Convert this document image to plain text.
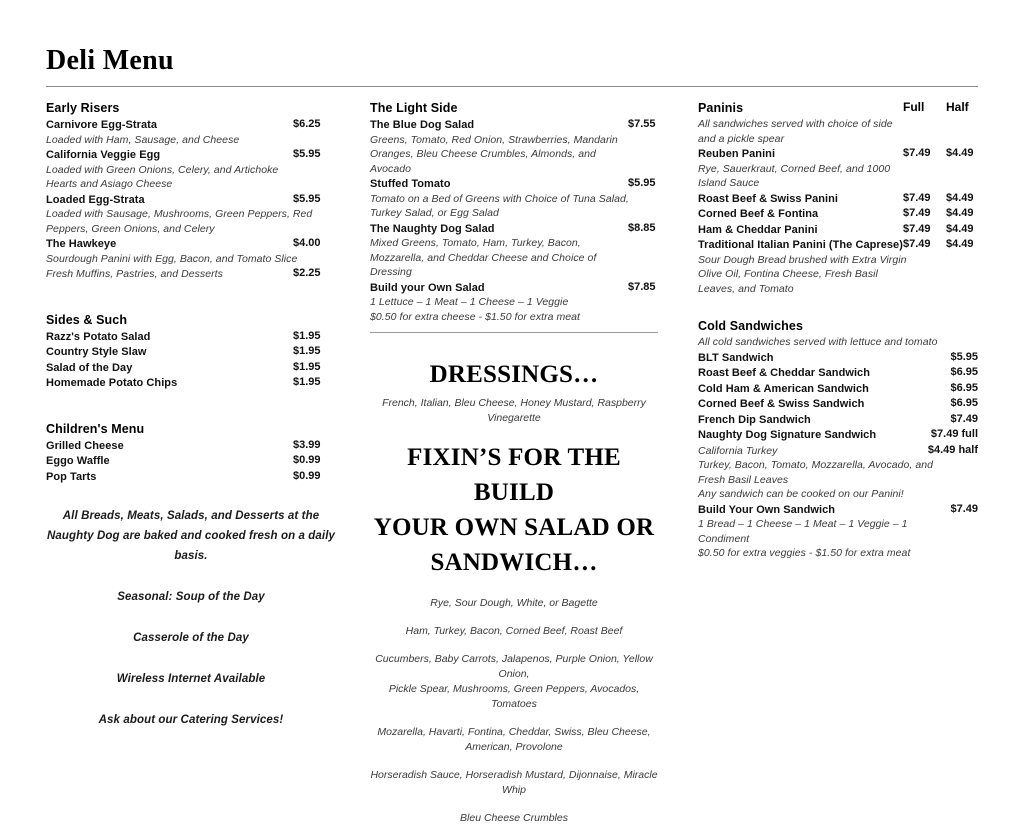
Deli Menu
Early Risers
Carnivore Egg-Strata	$6.25
Loaded with Ham, Sausage, and Cheese
California Veggie Egg	$5.95
Loaded with Green Onions, Celery, and Artichoke
Hearts and Asiago Cheese
Loaded Egg-Strata	$5.95
Loaded with Sausage, Mushrooms, Green Peppers, Red
Peppers, Green Onions, and Celery
The Hawkeye	$4.00
Sourdough Panini with Egg, Bacon, and Tomato Slice
Fresh Muffins, Pastries, and Desserts	$2.25
Sides & Such
Razz's Potato Salad	$1.95
Country Style Slaw	$1.95
Salad of the Day	$1.95
Homemade Potato Chips	$1.95
Children's Menu
Grilled Cheese	$3.99
Eggo Waffle	$0.99
Pop Tarts	$0.99

All Breads, Meats, Salads, and Desserts at the Naughty Dog are baked and cooked fresh on a daily basis.

Seasonal: Soup of the Day

Casserole of the Day

Wireless Internet Available

Ask about our Catering Services!

The Light Side
The Blue Dog Salad	$7.55
Greens, Tomato, Red Onion, Strawberries, Mandarin
Oranges, Bleu Cheese Crumbles, Almonds, and
Avocado
Stuffed Tomato	$5.95
Tomato on a Bed of Greens with Choice of Tuna Salad,
Turkey Salad, or Egg Salad
The Naughty Dog Salad	$8.85
Mixed Greens, Tomato, Ham, Turkey, Bacon,
Mozzarella, and Cheddar Cheese and Choice of
Dressing
Build your Own Salad	$7.85
1 Lettuce – 1 Meat – 1 Cheese – 1 Veggie
$0.50 for extra cheese - $1.50 for extra meat
DRESSINGS…
French, Italian, Bleu Cheese, Honey Mustard, Raspberry
Vinegarette
FIXIN’S FOR THE BUILD
YOUR OWN SALAD OR
SANDWICH…

Rye, Sour Dough, White, or Bagette

Ham, Turkey, Bacon, Corned Beef, Roast Beef

Cucumbers, Baby Carrots, Jalapenos, Purple Onion, Yellow Onion,
Pickle Spear, Mushrooms, Green Peppers, Avocados, Tomatoes

Mozarella, Havarti, Fontina, Cheddar, Swiss, Bleu Cheese,
American, Provolone

Horseradish Sauce, Horseradish Mustard, Dijonnaise, Miracle
Whip

Bleu Cheese Crumbles

Paninis	Full Half
All sandwiches served with choice of side
and a pickle spear
Reuben Panini	$7.49 $4.49
Rye, Sauerkraut, Corned Beef, and 1000
Island Sauce
Roast Beef & Swiss Panini	$7.49 $4.49
Corned Beef & Fontina	$7.49 $4.49
Ham & Cheddar Panini	$7.49 $4.49
Traditional Italian Panini (The Caprese) $7.49 $4.49
Sour Dough Bread brushed with Extra Virgin
Olive Oil, Fontina Cheese, Fresh Basil
Leaves, and Tomato
Cold Sandwiches
All cold sandwiches served with lettuce and tomato
BLT Sandwich	$5.95
Roast Beef & Cheddar Sandwich	$6.95
Cold Ham & American Sandwich	$6.95
Corned Beef & Swiss Sandwich	$6.95
French Dip Sandwich	$7.49
Naughty Dog Signature Sandwich	$7.49 full
California Turkey	$4.49 half
Turkey, Bacon, Tomato, Mozzarella, Avocado, and
Fresh Basil Leaves
Any sandwich can be cooked on our Panini!
Build Your Own Sandwich	$7.49
1 Bread – 1 Cheese – 1 Meat – 1 Veggie – 1
Condiment
$0.50 for extra veggies - $1.50 for extra meat
